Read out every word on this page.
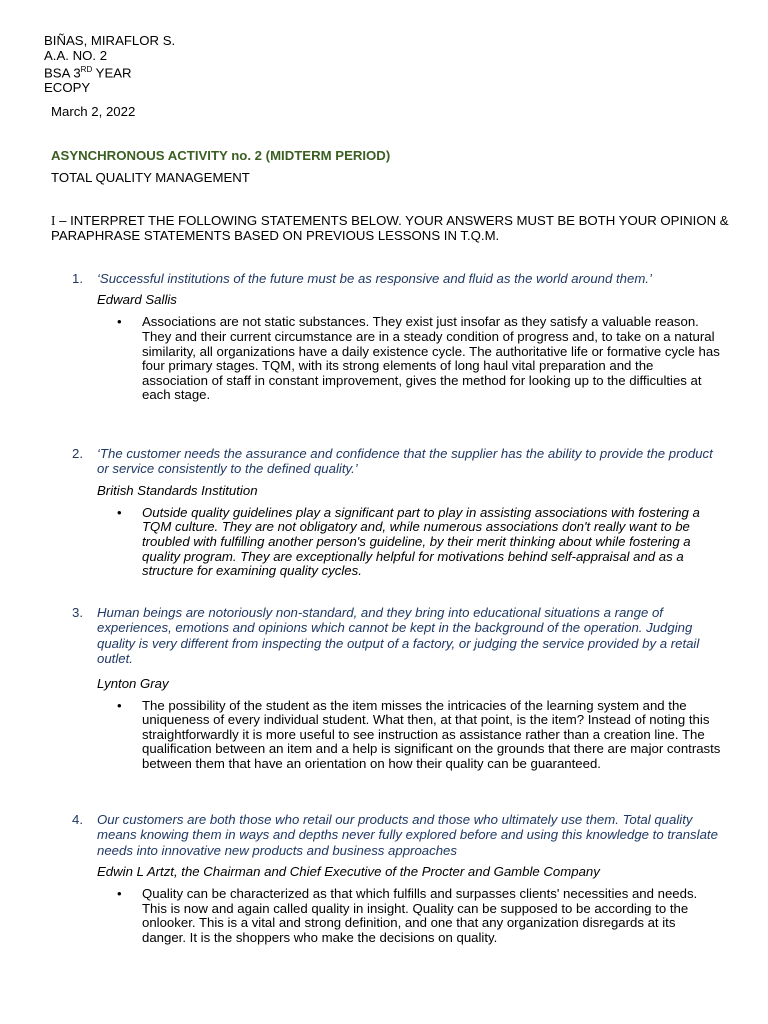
BIÑAS, MIRAFLOR S.
A.A. NO. 2
BSA 3RD YEAR
ECOPY
March 2, 2022
ASYNCHRONOUS ACTIVITY no. 2 (MIDTERM PERIOD)
TOTAL QUALITY MANAGEMENT
I – INTERPRET THE FOLLOWING STATEMENTS BELOW. YOUR ANSWERS MUST BE BOTH YOUR OPINION & PARAPHRASE STATEMENTS BASED ON PREVIOUS LESSONS IN T.Q.M.
1.	‘Successful institutions of the future must be as responsive and fluid as the world around them.’
Edward Sallis
•	Associations are not static substances. They exist just insofar as they satisfy a valuable reason. They and their current circumstance are in a steady condition of progress and, to take on a natural similarity, all organizations have a daily existence cycle. The authoritative life or formative cycle has four primary stages. TQM, with its strong elements of long haul vital preparation and the association of staff in constant improvement, gives the method for looking up to the difficulties at each stage.
2.	‘The customer needs the assurance and confidence that the supplier has the ability to provide the product or service consistently to the defined quality.’
British Standards Institution
•	Outside quality guidelines play a significant part to play in assisting associations with fostering a TQM culture. They are not obligatory and, while numerous associations don't really want to be troubled with fulfilling another person's guideline, by their merit thinking about while fostering a quality program. They are exceptionally helpful for motivations behind self-appraisal and as a structure for examining quality cycles.
3.	Human beings are notoriously non-standard, and they bring into educational situations a range of experiences, emotions and opinions which cannot be kept in the background of the operation. Judging quality is very different from inspecting the output of a factory, or judging the service provided by a retail outlet.
Lynton Gray
•	The possibility of the student as the item misses the intricacies of the learning system and the uniqueness of every individual student. What then, at that point, is the item? Instead of noting this straightforwardly it is more useful to see instruction as assistance rather than a creation line. The qualification between an item and a help is significant on the grounds that there are major contrasts between them that have an orientation on how their quality can be guaranteed.
4.	Our customers are both those who retail our products and those who ultimately use them. Total quality means knowing them in ways and depths never fully explored before and using this knowledge to translate needs into innovative new products and business approaches
Edwin L Artzt, the Chairman and Chief Executive of the Procter and Gamble Company
•	Quality can be characterized as that which fulfills and surpasses clients' necessities and needs. This is now and again called quality in insight. Quality can be supposed to be according to the onlooker. This is a vital and strong definition, and one that any organization disregards at its danger. It is the shoppers who make the decisions on quality.
